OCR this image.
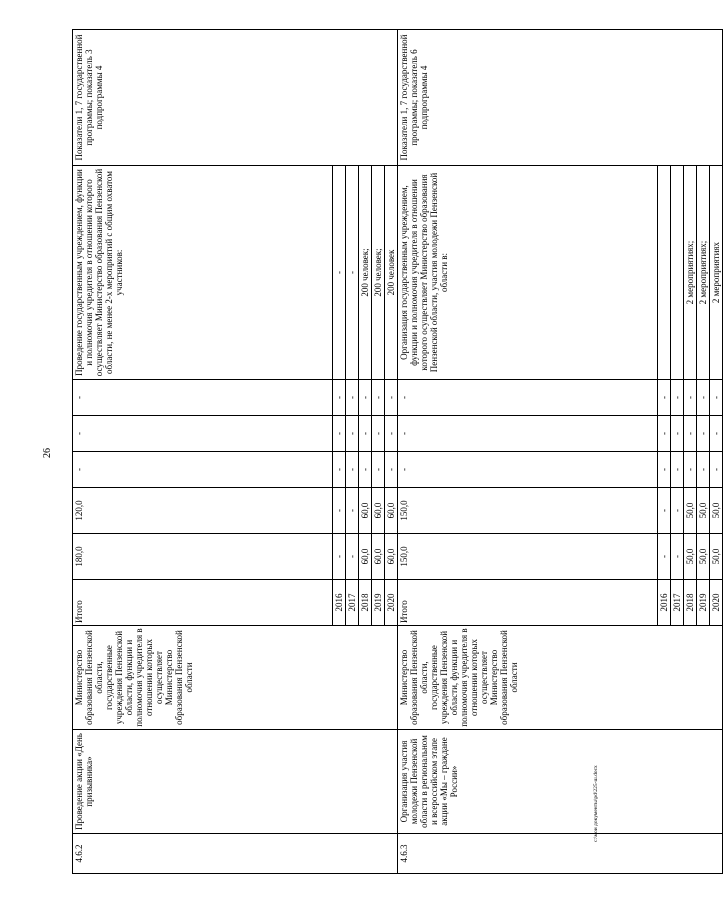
26
c:\мои документы\pd\225-ш.docx
4.6.2	Проведение акции «День призывника»	Министерство образования Пензенской области, государственные учреждения Пензенской области, функции и полномочия учредителя в отношении которых осуществляет Министерство образования Пензенской области	Итого	180,0	120,0	-	-	-	Проведение государственным учреждением, функции и полномочия учредителя в отношении которого осуществляет Министерство образования Пензенской области, не менее 2-х мероприятий с общим охватом участников:	Показатели 1, 7 государственной программы; показатель 3 подпрограммы 4
			2016	-	-	-	-	-	-	
			2017	-	-	-	-	-	-	
			2018	60,0	60,0	-	-	-	200 человек;	
			2019	60,0	60,0	-	-	-	200 человек;	
			2020	60,0	60,0	-	-	-	200 человек	
4.6.3	Организация участия молодежи Пензенской области в региональном и всероссийском этапе акции «Мы – граждане России»	Министерство образования Пензенской области, государственные учреждения Пензенской области, функции и полномочия учредителя в отношении которых осуществляет Министерство образования Пензенской области	Итого	150,0	150,0	-	-	-	Организация государственным учреждением, функции и полномочия учредителя в отношении которого осуществляет Министерство образования Пензенской области, участия молодежи Пензенской области в:	Показатели 1, 7 государственной программы; показатель 6 подпрограммы 4
			2016	-	-	-	-	-		
			2017	-	-	-	-	-		
			2018	50,0	50,0	-	-	-	2 мероприятиях;	
			2019	50,0	50,0	-	-	-	2 мероприятиях;	
			2020	50,0	50,0	-	-	-	2 мероприятиях	
